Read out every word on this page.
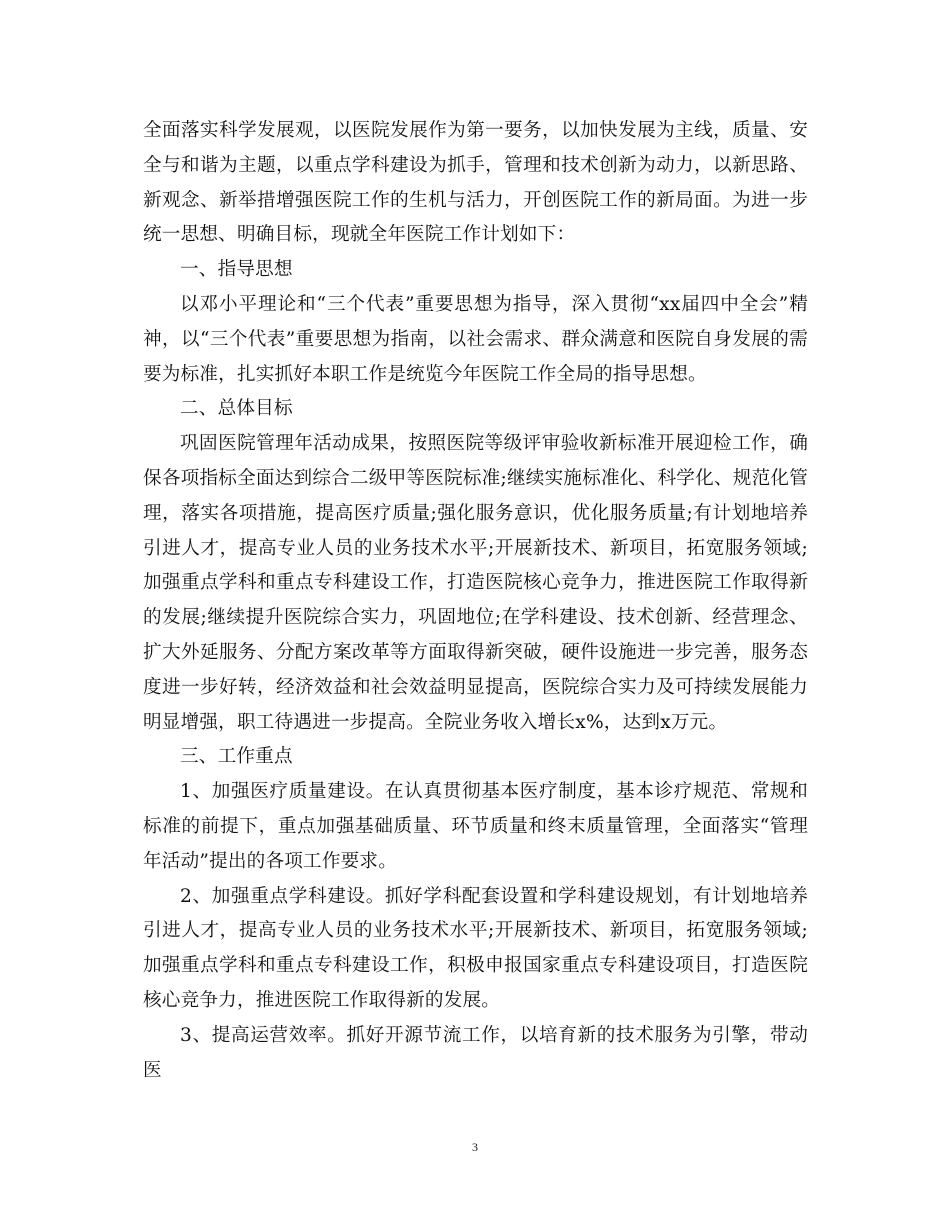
全面落实科学发展观，以医院发展作为第一要务，以加快发展为主线，质量、安全与和谐为主题，以重点学科建设为抓手，管理和技术创新为动力，以新思路、新观念、新举措增强医院工作的生机与活力，开创医院工作的新局面。为进一步统一思想、明确目标，现就全年医院工作计划如下：

一、指导思想

以邓小平理论和“三个代表”重要思想为指导，深入贯彻“xx届四中全会”精神，以“三个代表”重要思想为指南，以社会需求、群众满意和医院自身发展的需要为标准，扎实抓好本职工作是统览今年医院工作全局的指导思想。

二、总体目标

巩固医院管理年活动成果，按照医院等级评审验收新标准开展迎检工作，确保各项指标全面达到综合二级甲等医院标准;继续实施标准化、科学化、规范化管理，落实各项措施，提高医疗质量;强化服务意识，优化服务质量;有计划地培养引进人才，提高专业人员的业务技术水平;开展新技术、新项目，拓宽服务领域;加强重点学科和重点专科建设工作，打造医院核心竞争力，推进医院工作取得新的发展;继续提升医院综合实力，巩固地位;在学科建设、技术创新、经营理念、扩大外延服务、分配方案改革等方面取得新突破，硬件设施进一步完善，服务态度进一步好转，经济效益和社会效益明显提高，医院综合实力及可持续发展能力明显增强，职工待遇进一步提高。全院业务收入增长x%，达到x万元。

三、工作重点

1、加强医疗质量建设。在认真贯彻基本医疗制度，基本诊疗规范、常规和标准的前提下，重点加强基础质量、环节质量和终末质量管理，全面落实“管理年活动”提出的各项工作要求。

2、加强重点学科建设。抓好学科配套设置和学科建设规划，有计划地培养引进人才，提高专业人员的业务技术水平;开展新技术、新项目，拓宽服务领域;加强重点学科和重点专科建设工作，积极申报国家重点专科建设项目，打造医院核心竞争力，推进医院工作取得新的发展。

3、提高运营效率。抓好开源节流工作，以培育新的技术服务为引擎，带动医

3
